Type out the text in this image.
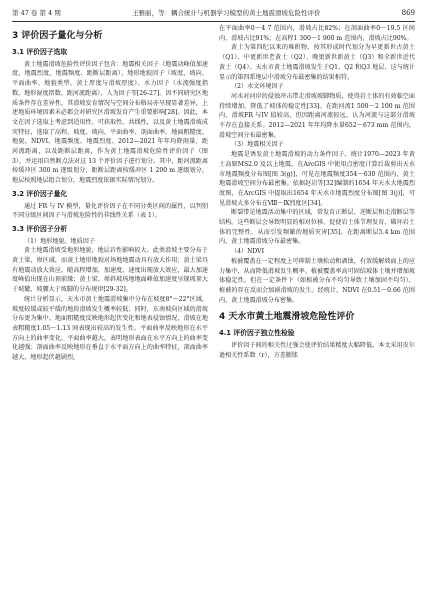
第 47 卷 第 4 期	王雅丽，等：耦合统计与机器学习模型的黄土地震滑坡危险性评价	869
3 评价因子量化与分析
3.1 评价因子选取

黄土地震滑坡危险性评价因子包含：地震相关因子（地震动峰值加速度、地震烈度、地震频度、距断层距离）、地形地貌因子（坡度、坡向、平面曲率、地貌类型、黄土厚度与滑坡厚度）、水力因子（水流强度指数、地形湿度指数、距河流距离）、人为因子等[26-27]。因不同研究区地质条件存在差异性，其滑坡发育情况与空间分布格局亦呈现显著差异，上述地质环境因素未必都会对研究区滑坡发育产生重要影响[28]。因此，本文在因子选取上考虑到适用性、可获取性、共线性，以及黄土地震滑坡成灾特征，选取了高程、坡度、坡向、平面曲率、剖面曲率、地面粗糙度、地貌、NDVI、地震频度、地震烈度、2012—2021 年年均降雨量、距河流距离，以及距断层距离，作为黄土地震滑坡危险性评价因子（图 3），并运用自然断点法对这 13 个评价因子进行划分。其中，距河流距离按缓冲区 300 m 逐级划分，距断层距离按缓冲区 1 200 m 逐级划分，地层按照地层组合划分，地震烈度依据实际情况划分。

3.2 评价因子量化

通过 FR 与 IV 模型，量化评价因子在不同分类区间的属性，以判别不同分级区间因子与滑坡危险性的非线性关系（表 1）。

3.3 评价因子分析
（1）地形地貌、地质因子

黄土地震滑坡受地形地貌、地层岩性影响较大。此类滑坡主要分布于黄土梁、峁区域，而黄土地形地貌对场地地震动具有放大作用；黄土梁具有地震动放大效应，随高程增加，加速度、速度出现放大效应，最大加速度峰值出现在山顶前缘；黄土梁、峁斜坡场地地面峰值加速度呈现坡顶大于坡麓、坡腰大于坡脚的分布规律[29-32]。

统计分析显示，天水市黄土地震滑坡集中分布在坡度8°～22°区域，坡度较缓或较平缓的地段滑坡发生概率较低；同时，东南坡向区域的滑坡分布更为集中。地面粗糙度反映地形起伏变化和地表侵蚀情况，滑坡在地表粗糙度1.05～1.13 间表现出较高的发生性。平面曲率反映地形在水平方向上的曲率变化，平面曲率越大，表明地形表面在水平方向上的曲率变化越强；剖面曲率反映地形在垂直于水平面方向上的曲率特征，剖面曲率越大，地形起伏越剧烈。

在平面曲率0～4 7 范围内，滑坡占比82%；在剖面曲率0～19.5 区间内，滑坡占比91%；在高程1 300～1 900 m 范围内，滑坡占比90%。

黄土为第四纪以来的堆积物，按其形成时代划分为早更新世古黄土（Q1）、中更新世老黄土（Q2）、晚更新世新黄土（Q3）和全新世近代黄土（Q4）。天水市黄土地震滑坡发生于Q1、Q2 和Q3 地层，这与统计显示的第四系地层中滑坡分布最密集的结果相符。

（2）水文环境因子

河水对河岸的侵蚀冲击带走滑坡坡脚物质，使得岩土体的有效临空面持续增加，降低了坡体的稳定性[33]。在距河流1 500～2 100 m 范围内，滑坡FR 与IV 值较高，但因距离河流较远，认为河流与这部分滑坡不存在直接关系。2012—2021 年年均降水量652～673 mm 范围内，滑坡空间分布最密集。

（3）地震相关因子

地震是诱发黄土地震滑坡的动力条件因子。统计1970—2023 年黄土高原MS2.0 及以上地震，在ArcGIS 中使用点密度计算后裁剪出天水市地震频度分布图[图 3(g)]，可见在地震频度354～630 范围内，黄土地震滑坡空间分布最密集。依据赵岩等[32]编制的1654 年天水大地震烈度图，在ArcGIS 中提取出1654 年天水市地震烈度分布图[图 3(j)]，可见滑坡大多分布在Ⅷ～Ⅸ烈度区[34]。

断裂带是地震活动集中的区域，常发育正断层、逆断层和走滑断层等结构。这些断层会导致明显的相对位移，促使岩土体节理发育，破坏岩土体的完整性，从而引发频繁的地质灾害[35]。在距离断层5.4 km 范围内，黄土地震滑坡分布最密集。

（4）NDVI

植被覆盖在一定程度上可抑制土壤松动和剥蚀，有效缓解坡面上的应力集中，从而降低滑坡发生概率。植被覆盖率高可固结坡体土壤并增加坡体稳定性，但在一定条件下（如植被分布不均匀导致土壤加固不均匀），植被的存在反而会加剧滑坡的发生。经统计，NDVI 在0.51～0.66 范围内，黄土地震滑坡分布密集。

4 天水市黄土地震滑坡危险性评价
4.1 评价因子独立性检验

评价因子间的相关性过强会使评价结果精度大幅降低。本文采用皮尔逊相关性系数（r），方差膨胀
